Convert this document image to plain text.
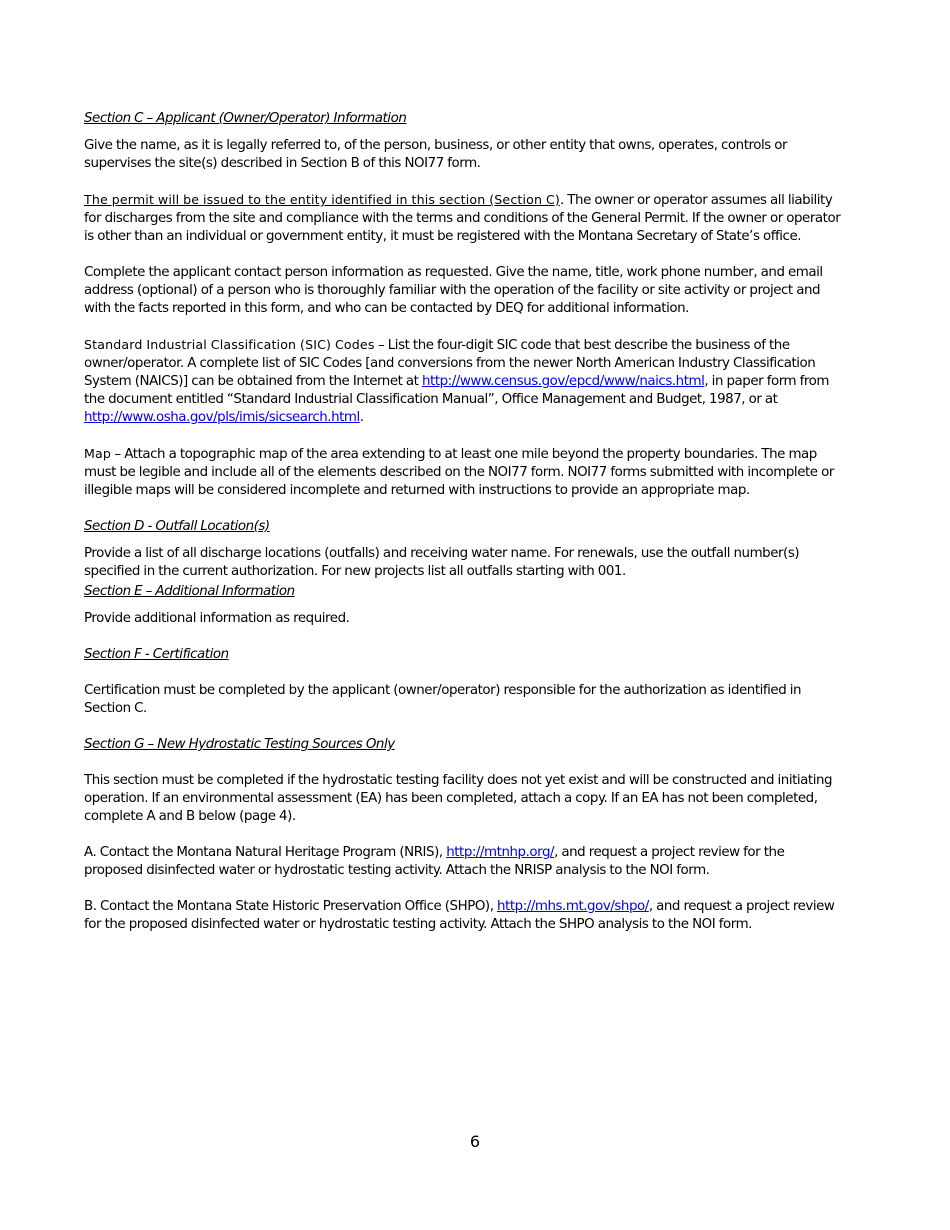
Section C – Applicant (Owner/Operator) Information

Give the name, as it is legally referred to, of the person, business, or other entity that owns, operates, controls or supervises the site(s) described in Section B of this NOI77 form.

The permit will be issued to the entity identified in this section (Section C). The owner or operator assumes all liability for discharges from the site and compliance with the terms and conditions of the General Permit. If the owner or operator is other than an individual or government entity, it must be registered with the Montana Secretary of State’s office.

Complete the applicant contact person information as requested. Give the name, title, work phone number, and email address (optional) of a person who is thoroughly familiar with the operation of the facility or site activity or project and with the facts reported in this form, and who can be contacted by DEQ for additional information.

Standard Industrial Classification (SIC) Codes – List the four-digit SIC code that best describe the business of the owner/operator. A complete list of SIC Codes [and conversions from the newer North American Industry Classification System (NAICS)] can be obtained from the Internet at http://www.census.gov/epcd/www/naics.html, in paper form from the document entitled “Standard Industrial Classification Manual”, Office Management and Budget, 1987, or at http://www.osha.gov/pls/imis/sicsearch.html.

Map – Attach a topographic map of the area extending to at least one mile beyond the property boundaries. The map must be legible and include all of the elements described on the NOI77 form. NOI77 forms submitted with incomplete or illegible maps will be considered incomplete and returned with instructions to provide an appropriate map.

Section D - Outfall Location(s)

Provide a list of all discharge locations (outfalls) and receiving water name. For renewals, use the outfall number(s) specified in the current authorization. For new projects list all outfalls starting with 001.

Section E – Additional Information

Provide additional information as required.

Section F - Certification

Certification must be completed by the applicant (owner/operator) responsible for the authorization as identified in Section C.

Section G – New Hydrostatic Testing Sources Only

This section must be completed if the hydrostatic testing facility does not yet exist and will be constructed and initiating operation. If an environmental assessment (EA) has been completed, attach a copy. If an EA has not been completed, complete A and B below (page 4).

A. Contact the Montana Natural Heritage Program (NRIS), http://mtnhp.org/, and request a project review for the proposed disinfected water or hydrostatic testing activity. Attach the NRISP analysis to the NOI form.

B. Contact the Montana State Historic Preservation Office (SHPO), http://mhs.mt.gov/shpo/, and request a project review for the proposed disinfected water or hydrostatic testing activity. Attach the SHPO analysis to the NOI form.

6
